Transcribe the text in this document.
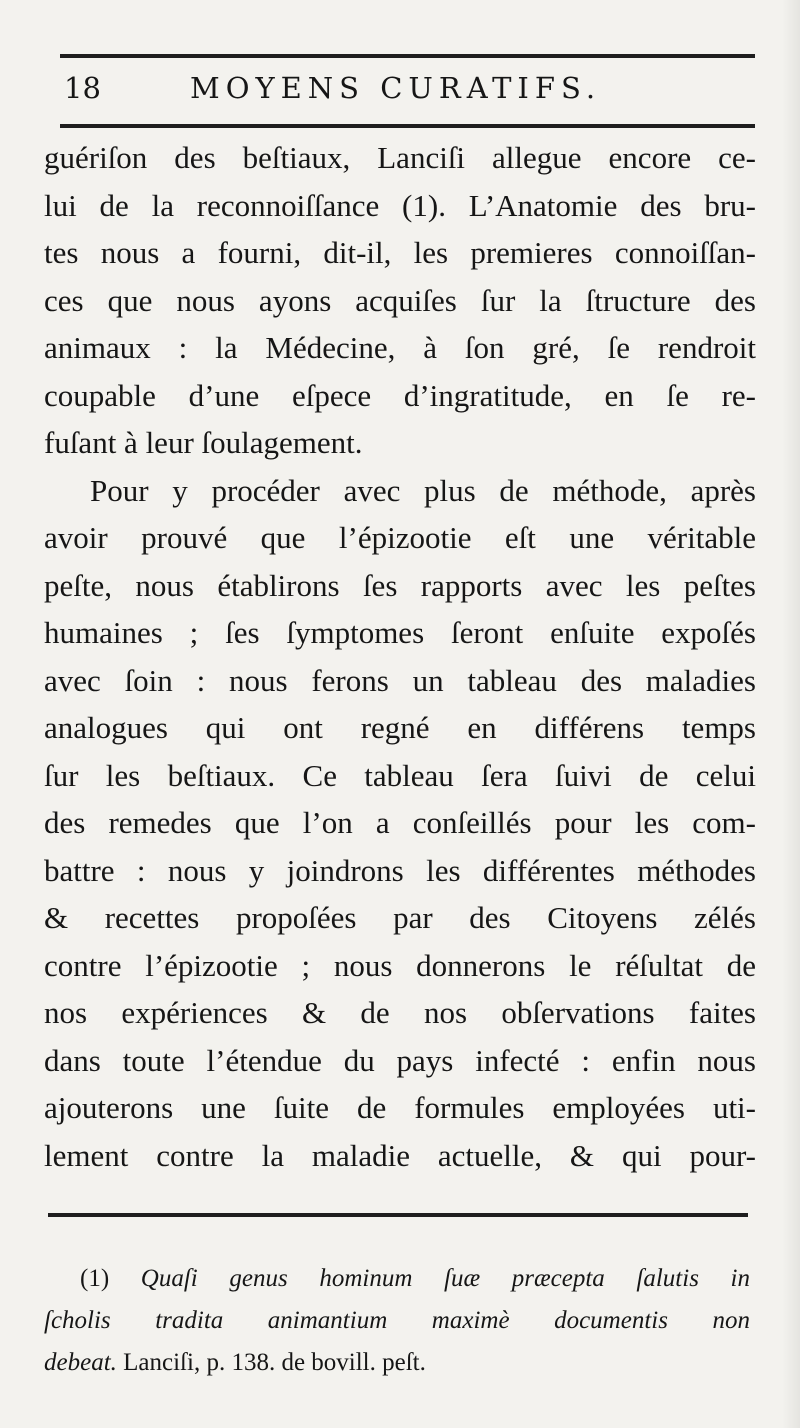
18	MOYENS CURATIFS.
guériſon des beſtiaux, Lanciſi allegue encore ce-
lui de la reconnoiſſance (1). L’Anatomie des bru-
tes nous a fourni, dit-il, les premieres connoiſſan-
ces que nous ayons acquiſes ſur la ſtructure des
animaux : la Médecine, à ſon gré, ſe rendroit
coupable d’une eſpece d’ingratitude, en ſe re-
fuſant à leur ſoulagement.
Pour y procéder avec plus de méthode, après
avoir prouvé que l’épizootie eſt une véritable
peſte, nous établirons ſes rapports avec les peſtes
humaines ; ſes ſymptomes ſeront enſuite expoſés
avec ſoin : nous ferons un tableau des maladies
analogues qui ont regné en différens temps
ſur les beſtiaux. Ce tableau ſera ſuivi de celui
des remedes que l’on a conſeillés pour les com-
battre : nous y joindrons les différentes méthodes
& recettes propoſées par des Citoyens zélés
contre l’épizootie ; nous donnerons le réſultat de
nos expériences & de nos obſervations faites
dans toute l’étendue du pays infecté : enfin nous
ajouterons une ſuite de formules employées uti-
lement contre la maladie actuelle, & qui pour-
(1) Quaſi genus hominum ſuæ præcepta ſalutis in
ſcholis tradita animantium maximè documentis non
debeat. Lanciſi, p. 138. de bovill. peſt.
